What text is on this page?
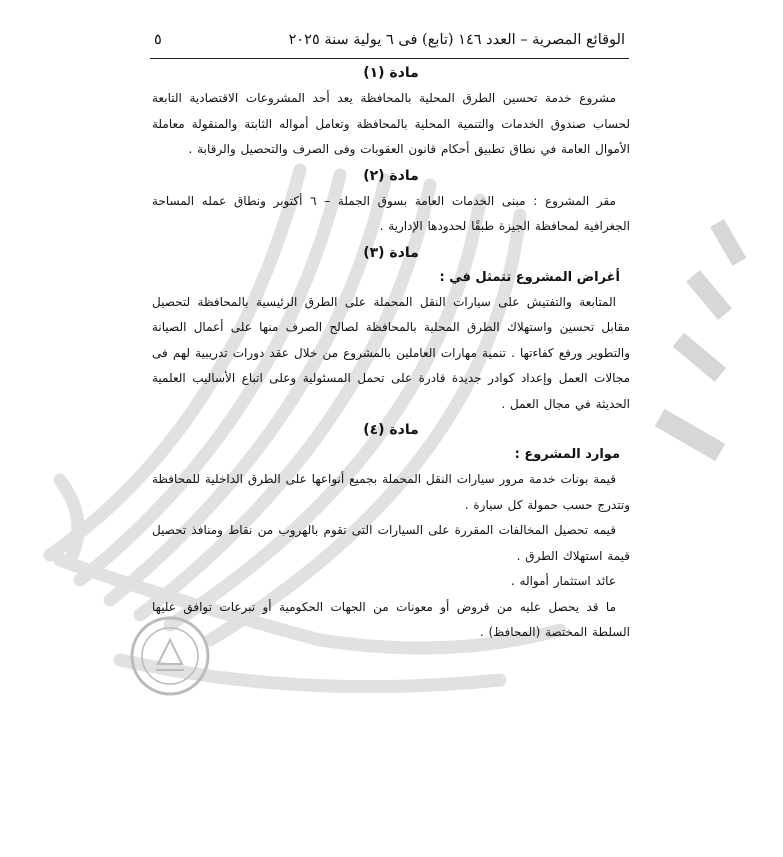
الوقائع المصرية – العدد ١٤٦ (تابع) فى ٦ يولية سنة ٢٠٢٥
٥
مادة (١)
مشروع خدمة تحسين الطرق المحلية بالمحافظة يعد أحد المشروعات الاقتصادية التابعة لحساب صندوق الخدمات والتنمية المحلية بالمحافظة وتعامل أمواله الثابتة والمنقولة معاملة الأموال العامة في نطاق تطبيق أحكام قانون العقوبات وفى الصرف والتحصيل والرقابة .
مادة (٢)
مقر المشروع : مبنى الخدمات العامة بسوق الجملة – ٦ أكتوبر ونطاق عمله المساحة الجغرافية لمحافظة الجيزة طبقًا لحدودها الإدارية .
مادة (٣)
أغراض المشروع تتمثل في :
المتابعة والتفتيش على سيارات النقل المحملة على الطرق الرئيسية بالمحافظة لتحصيل مقابل تحسين واستهلاك الطرق المحلية بالمحافظة لصالح الصرف منها على أعمال الصيانة والتطوير ورفع كفاءتها . تنمية مهارات العاملين بالمشروع من خلال عقد دورات تدريبية لهم فى مجالات العمل وإعداد كوادر جديدة قادرة على تحمل المسئولية وعلى اتباع الأساليب العلمية الحديثة في مجال العمل .
مادة (٤)
موارد المشروع :
قيمة بونات خدمة مرور سيارات النقل المحملة بجميع أنواعها على الطرق الداخلية للمحافظة وتتدرج حسب حمولة كل سيارة .
قيمه تحصيل المخالفات المقررة على السيارات التى تقوم بالهروب من نقاط ومنافذ تحصيل قيمة استهلاك الطرق .
عائد استثمار أمواله .
ما قد يحصل عليه من قروض أو معونات من الجهات الحكومية أو تبرعات توافق عليها السلطة المختصة (المحافظ) .
